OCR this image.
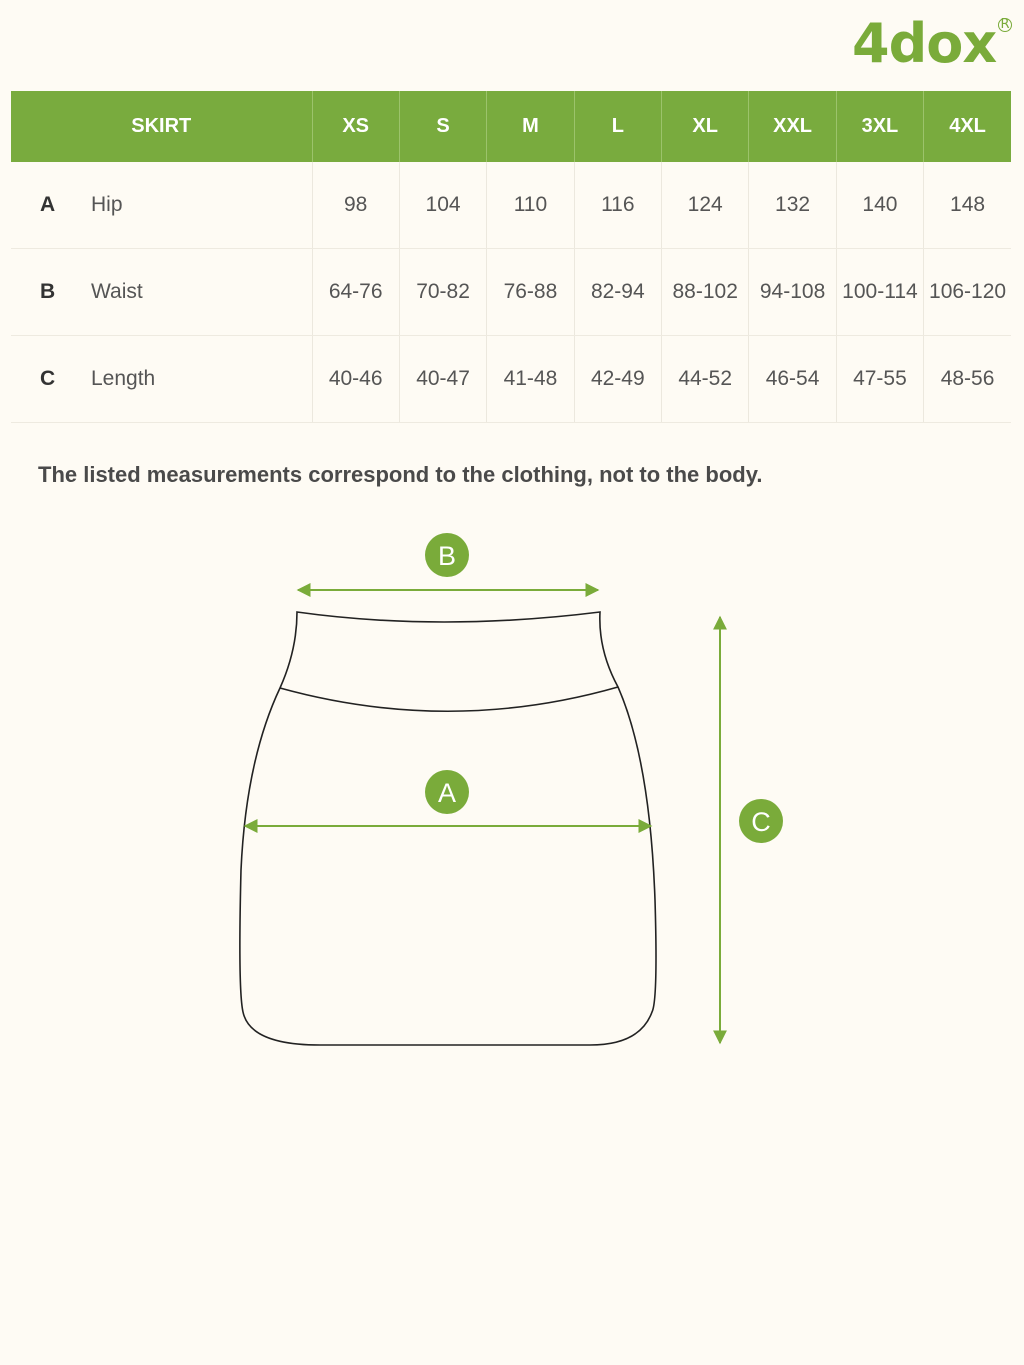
4dox R
SKIRT		XS	S	M	L	XL	XXL	3XL	4XL
A	Hip	98	104	110	116	124	132	140	148
B	Waist	64-76	70-82	76-88	82-94	88-102	94-108	100-114	106-120
C	Length	40-46	40-47	41-48	42-49	44-52	46-54	47-55	48-56

The listed measurements correspond to the clothing, not to the body.

B
A
C
